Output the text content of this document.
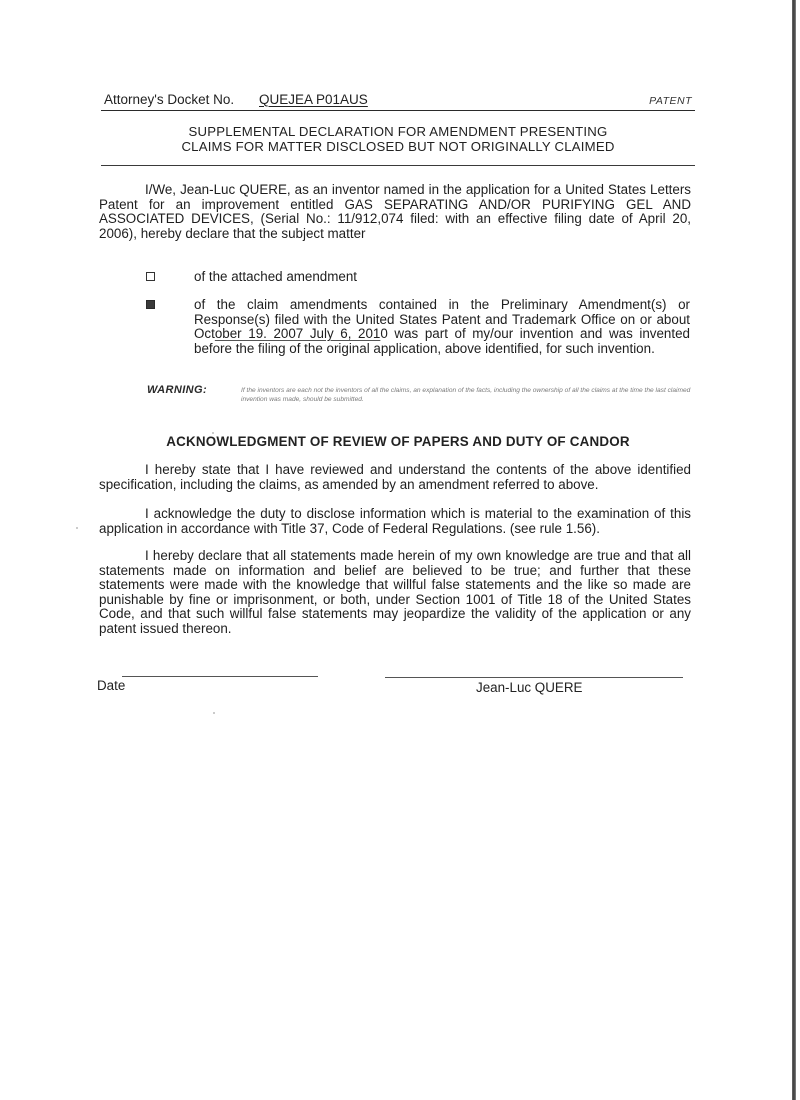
Attorney's Docket No. QUEJEA P01AUS	PATENT
SUPPLEMENTAL DECLARATION FOR AMENDMENT PRESENTING
CLAIMS FOR MATTER DISCLOSED BUT NOT ORIGINALLY CLAIMED
I/We, Jean-Luc QUERE, as an inventor named in the application for a United States Letters Patent for an improvement entitled GAS SEPARATING AND/OR PURIFYING GEL AND ASSOCIATED DEVICES, (Serial No.: 11/912,074 filed: with an effective filing date of April 20, 2006), hereby declare that the subject matter
of the attached amendment
of the claim amendments contained in the Preliminary Amendment(s) or Response(s) filed with the United States Patent and Trademark Office on or about October 19. 2007 July 6, 2010 was part of my/our invention and was invented before the filing of the original application, above identified, for such invention.
WARNING:	If the inventors are each not the inventors of all the claims, an explanation of the facts, including the ownership of all the claims at the time the last claimed invention was made, should be submitted.
ACKNOWLEDGMENT OF REVIEW OF PAPERS AND DUTY OF CANDOR
I hereby state that I have reviewed and understand the contents of the above identified specification, including the claims, as amended by an amendment referred to above.
I acknowledge the duty to disclose information which is material to the examination of this application in accordance with Title 37, Code of Federal Regulations. (see rule 1.56).
I hereby declare that all statements made herein of my own knowledge are true and that all statements made on information and belief are believed to be true; and further that these statements were made with the knowledge that willful false statements and the like so made are punishable by fine or imprisonment, or both, under Section 1001 of Title 18 of the United States Code, and that such willful false statements may jeopardize the validity of the application or any patent issued thereon.
Date	Jean-Luc QUERE
